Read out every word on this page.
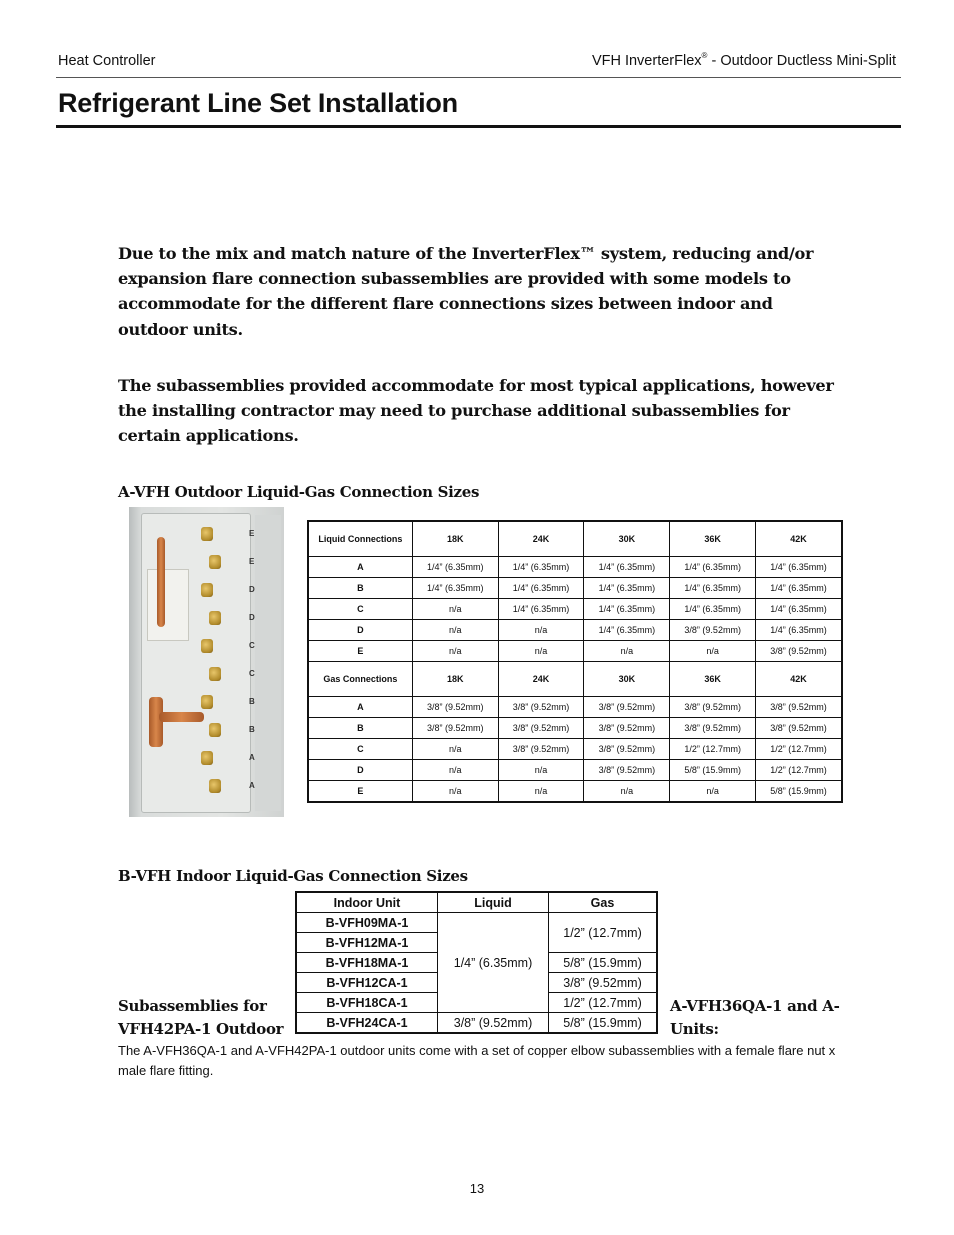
Heat Controller	VFH InverterFlex® - Outdoor Ductless Mini-Split
Refrigerant Line Set Installation
Due to the mix and match nature of the InverterFlex™ system, reducing and/or expansion flare connection subassemblies are provided with some models to accommodate for the different flare connections sizes between indoor and outdoor units.
The subassemblies provided accommodate for most typical applications, however the installing contractor may need to purchase additional subassemblies for certain applications.
A-VFH Outdoor Liquid-Gas Connection Sizes
E
E
D
D
C
C
B
B
A
A
Liquid Connections	18K	24K	30K	36K	42K
A	1/4” (6.35mm)	1/4” (6.35mm)	1/4” (6.35mm)	1/4” (6.35mm)	1/4” (6.35mm)
B	1/4” (6.35mm)	1/4” (6.35mm)	1/4” (6.35mm)	1/4” (6.35mm)	1/4” (6.35mm)
C	n/a	1/4” (6.35mm)	1/4” (6.35mm)	1/4” (6.35mm)	1/4” (6.35mm)
D	n/a	n/a	1/4” (6.35mm)	3/8” (9.52mm)	1/4” (6.35mm)
E	n/a	n/a	n/a	n/a	3/8” (9.52mm)
Gas Connections	18K	24K	30K	36K	42K
A	3/8” (9.52mm)	3/8” (9.52mm)	3/8” (9.52mm)	3/8” (9.52mm)	3/8” (9.52mm)
B	3/8” (9.52mm)	3/8” (9.52mm)	3/8” (9.52mm)	3/8” (9.52mm)	3/8” (9.52mm)
C	n/a	3/8” (9.52mm)	3/8” (9.52mm)	1/2” (12.7mm)	1/2” (12.7mm)
D	n/a	n/a	3/8” (9.52mm)	5/8” (15.9mm)	1/2” (12.7mm)
E	n/a	n/a	n/a	n/a	5/8” (15.9mm)
B-VFH Indoor Liquid-Gas Connection Sizes
Indoor Unit	Liquid	Gas
B-VFH09MA-1	1/4” (6.35mm)	1/2” (12.7mm)
B-VFH12MA-1		
B-VFH18MA-1		5/8” (15.9mm)
B-VFH12CA-1		3/8” (9.52mm)
B-VFH18CA-1		1/2” (12.7mm)
B-VFH24CA-1	3/8” (9.52mm)	5/8” (15.9mm)
Subassemblies for VFH42PA-1 Outdoor
A-VFH36QA-1 and A-Units:
The A-VFH36QA-1 and A-VFH42PA-1 outdoor units come with a set of copper elbow subassemblies with a female flare nut x male flare fitting.
13
